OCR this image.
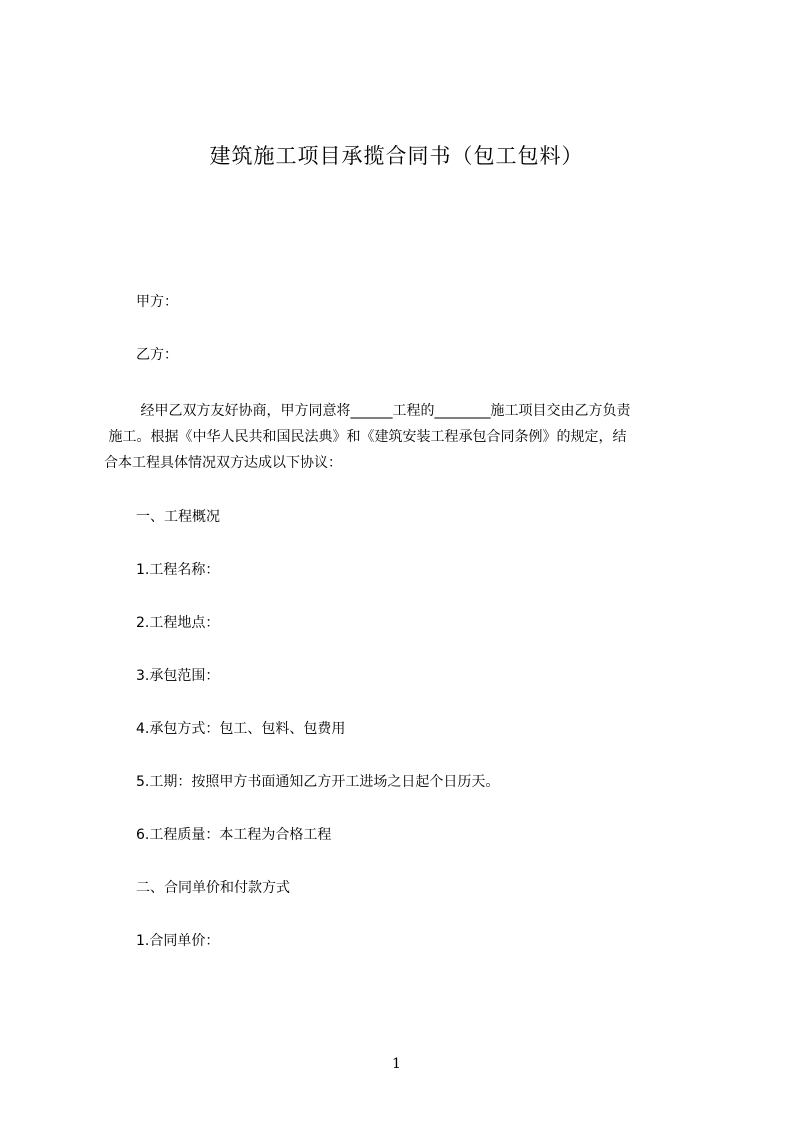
建筑施工项目承揽合同书（包工包料）
甲方：
乙方：
经甲乙双方友好协商，甲方同意将______工程的________施工项目交由乙方负责
施工。根据《中华人民共和国民法典》和《建筑安装工程承包合同条例》的规定，结
合本工程具体情况双方达成以下协议：
一、工程概况
1.工程名称：
2.工程地点：
3.承包范围：
4.承包方式：包工、包料、包费用
5.工期：按照甲方书面通知乙方开工进场之日起个日历天。
6.工程质量：本工程为合格工程
二、合同单价和付款方式
1.合同单价：
1
